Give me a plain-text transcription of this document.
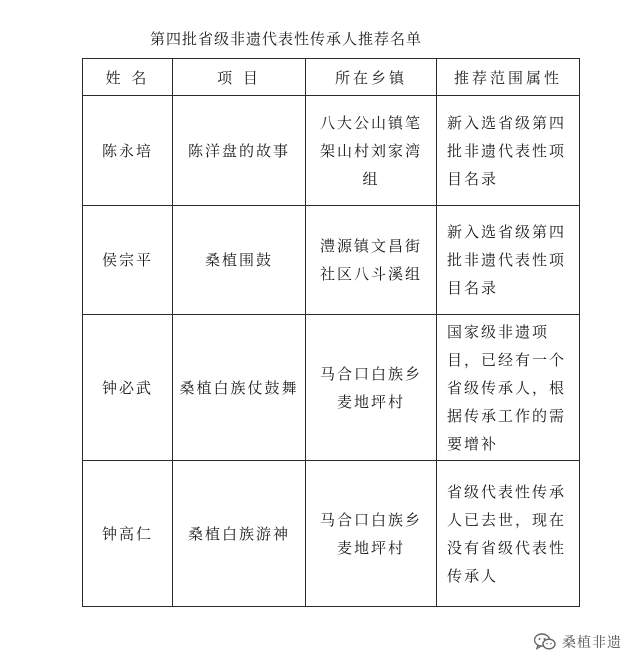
第四批省级非遗代表性传承人推荐名单
姓 名	项 目	所在乡镇	推荐范围属性

陈永培	陈洋盘的故事	八大公山镇笔架山村刘家湾组	新入选省级第四批非遗代表性项目名录

侯宗平	桑植围鼓	澧源镇文昌街社区八斗溪组	新入选省级第四批非遗代表性项目名录

钟必武	桑植白族仗鼓舞	马合口白族乡麦地坪村	国家级非遗项目，已经有一个省级传承人，根据传承工作的需要增补

钟高仁	桑植白族游神	马合口白族乡麦地坪村	省级代表性传承人已去世，现在没有省级代表性传承人
桑植非遗
